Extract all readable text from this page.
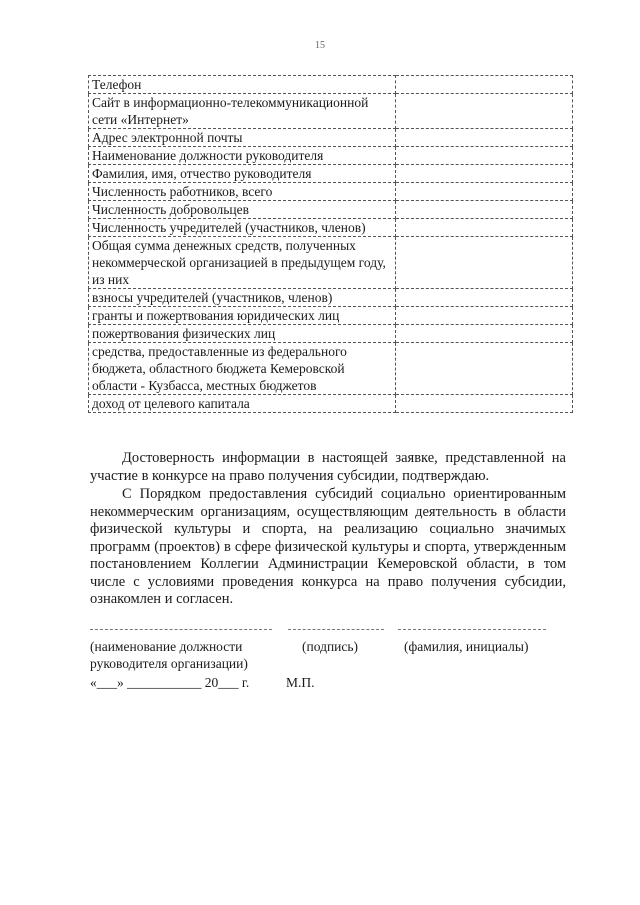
15
Телефон	
Сайт в информационно-телекоммуникационной сети «Интернет»	
Адрес электронной почты	
Наименование должности руководителя	
Фамилия, имя, отчество руководителя	
Численность работников, всего	
Численность добровольцев	
Численность учредителей (участников, членов)	
Общая сумма денежных средств, полученных некоммерческой организацией в предыдущем году, из них	
взносы учредителей (участников, членов)	
гранты и пожертвования юридических лиц	
пожертвования физических лиц	
средства, предоставленные из федерального бюджета, областного бюджета Кемеровской области - Кузбасса, местных бюджетов	
доход от целевого капитала	

Достоверность информации в настоящей заявке, представленной на участие в конкурсе на право получения субсидии, подтверждаю.

С Порядком предоставления субсидий социально ориентированным некоммерческим организациям, осуществляющим деятельность в области физической культуры и спорта, на реализацию социально значимых программ (проектов) в сфере физической культуры и спорта, утвержденным постановлением Коллегии Администрации Кемеровской области, в том числе с условиями проведения конкурса на право получения субсидии, ознакомлен и согласен.

(наименование должности	(подпись)	(фамилия, инициалы)
руководителя организации)
«___» ___________ 20___ г.	М.П.
